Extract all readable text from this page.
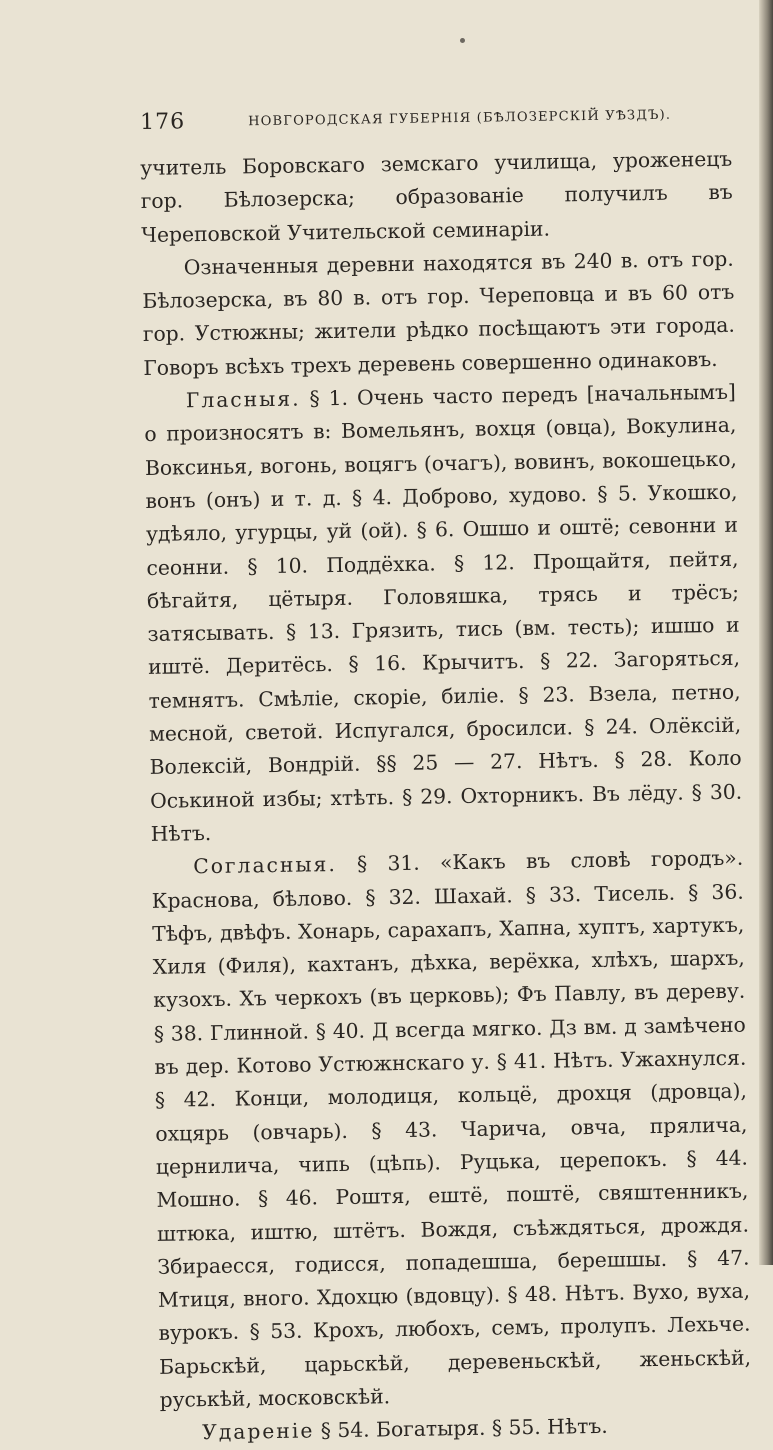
176	НОВГОРОДСКАЯ ГУБЕРНІЯ (БѢЛОЗЕРСКІЙ УѢЗДЪ).

учитель Боровскаго земскаго училища, уроженецъ гор. Бѣлозерска; образованіе получилъ въ Череповской Учительской семинаріи.

Означенныя деревни находятся въ 240 в. отъ гор. Бѣлозерска, въ 80 в. отъ гор. Череповца и въ 60 отъ гор. Устюжны; жители рѣдко посѣщаютъ эти города. Говоръ всѣхъ трехъ деревень совершенно одинаковъ.

Гласныя. § 1. Очень часто передъ [начальнымъ] о произносятъ в: Вомельянъ, вохця (овца), Вокулина, Воксинья, вогонь, воцягъ (очагъ), вовинъ, вокошецько, вонъ (онъ) и т. д. § 4. Доброво, худово. § 5. Укошко, удѣяло, угурцы, уй (ой). § 6. Ошшо и оштё; севонни и сеонни. § 10. Поддёхка. § 12. Прощайтя, пейтя, бѣгайтя, цётыря. Головяшка, трясь и трёсъ; затясывать. § 13. Грязить, тись (вм. тесть); ишшо и иштё. Деритёсь. § 16. Крычитъ. § 22. Загоряться, темнятъ. Смѣліе, скоріе, биліе. § 23. Взела, петно, месной, светой. Испугался, бросилси. § 24. Олёксій, Волексій, Вондрій. §§ 25 — 27. Нѣтъ. § 28. Коло Оськиной избы; хтѣть. § 29. Охторникъ. Въ лёду. § 30. Нѣтъ.

Согласныя. § 31. «Какъ въ словѣ городъ». Краснова, бѣлово. § 32. Шахай. § 33. Тисель. § 36. Тѣфъ, двѣфъ. Хонарь, сарахапъ, Хапна, хуптъ, хартукъ, Хиля (Филя), кахтанъ, дѣхка, верёхка, хлѣхъ, шархъ, кузохъ. Хъ черкохъ (въ церковь); Фъ Павлу, въ дереву. § 38. Глинной. § 40. Д всегда мягко. Дз вм. д замѣчено въ дер. Котово Устюжнскаго у. § 41. Нѣтъ. Ужахнулся. § 42. Конци, молодиця, кольцё, дрохця (дровца), охцярь (овчарь). § 43. Чарича, овча, прялича, цернилича, чипь (цѣпь). Руцька, церепокъ. § 44. Мошно. § 46. Роштя, ештё, поштё, свяштенникъ, штюка, иштю, штётъ. Вождя, съѣждяться, дрождя. Збираесся, годисся, попадешша, берешшы. § 47. Мтиця, вного. Хдохцю (вдовцу). § 48. Нѣтъ. Вухо, вуха, вурокъ. § 53. Крохъ, любохъ, семъ, пролупъ. Лехьче. Барьскѣй, царьскѣй, деревеньскѣй, женьскѣй, руськѣй, московскѣй.

Удареніе § 54. Богатыря. § 55. Нѣтъ.
